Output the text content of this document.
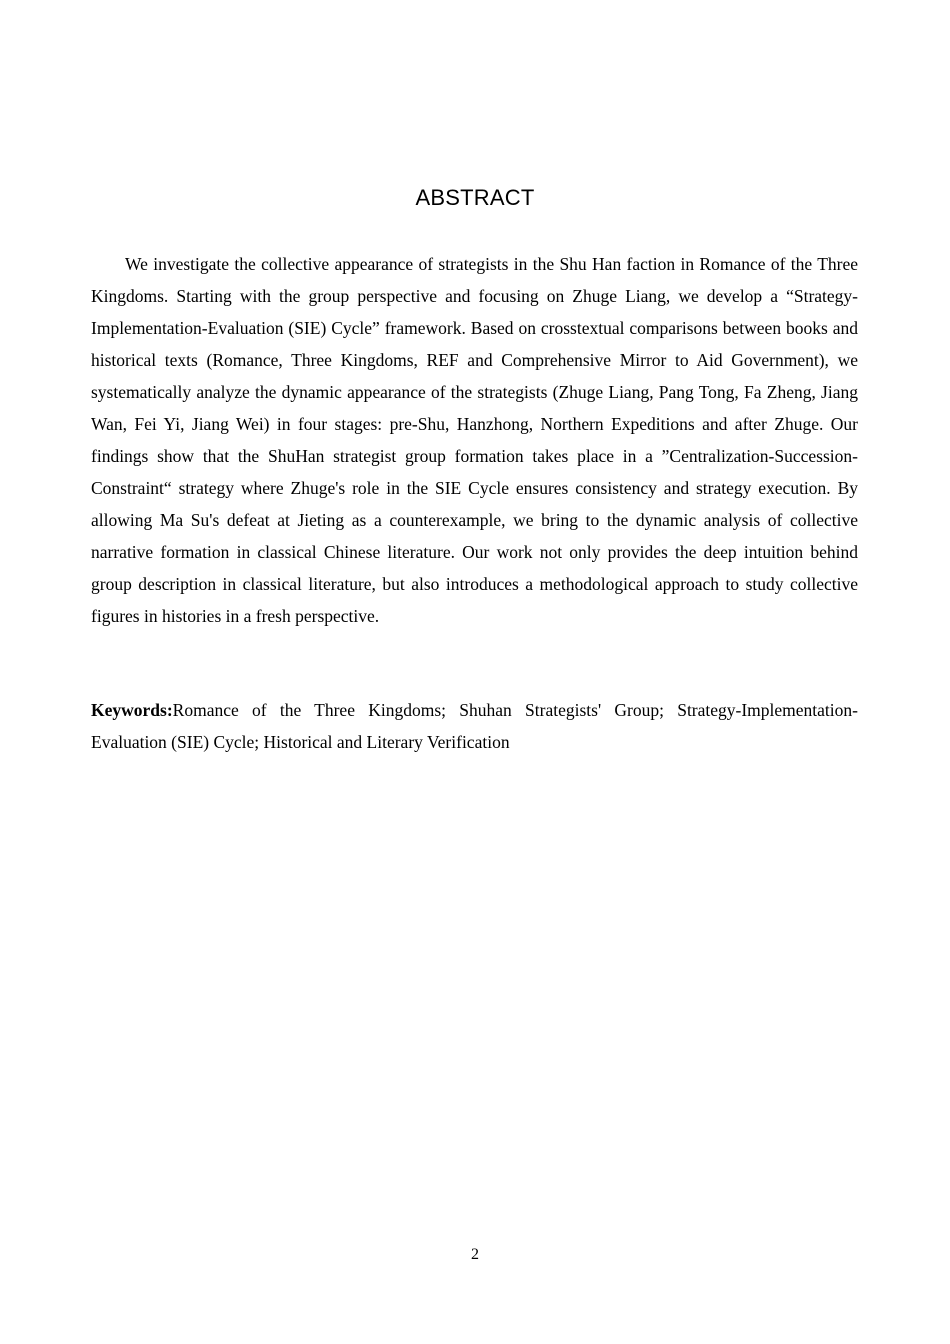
ABSTRACT

We investigate the collective appearance of strategists in the Shu Han faction in Romance of the Three Kingdoms. Starting with the group perspective and focusing on Zhuge Liang, we develop a “Strategy-Implementation-Evaluation (SIE) Cycle” framework. Based on crosstextual comparisons between books and historical texts (Romance, Three Kingdoms, REF and Comprehensive Mirror to Aid Government), we systematically analyze the dynamic appearance of the strategists (Zhuge Liang, Pang Tong, Fa Zheng, Jiang Wan, Fei Yi, Jiang Wei) in four stages: pre-Shu, Hanzhong, Northern Expeditions and after Zhuge. Our findings show that the ShuHan strategist group formation takes place in a ”Centralization-Succession-Constraint“ strategy where Zhuge's role in the SIE Cycle ensures consistency and strategy execution. By allowing Ma Su's defeat at Jieting as a counterexample, we bring to the dynamic analysis of collective narrative formation in classical Chinese literature. Our work not only provides the deep intuition behind group description in classical literature, but also introduces a methodological approach to study collective figures in histories in a fresh perspective.

Keywords:Romance of the Three Kingdoms; Shuhan Strategists' Group; Strategy-Implementation-Evaluation (SIE) Cycle; Historical and Literary Verification

2
